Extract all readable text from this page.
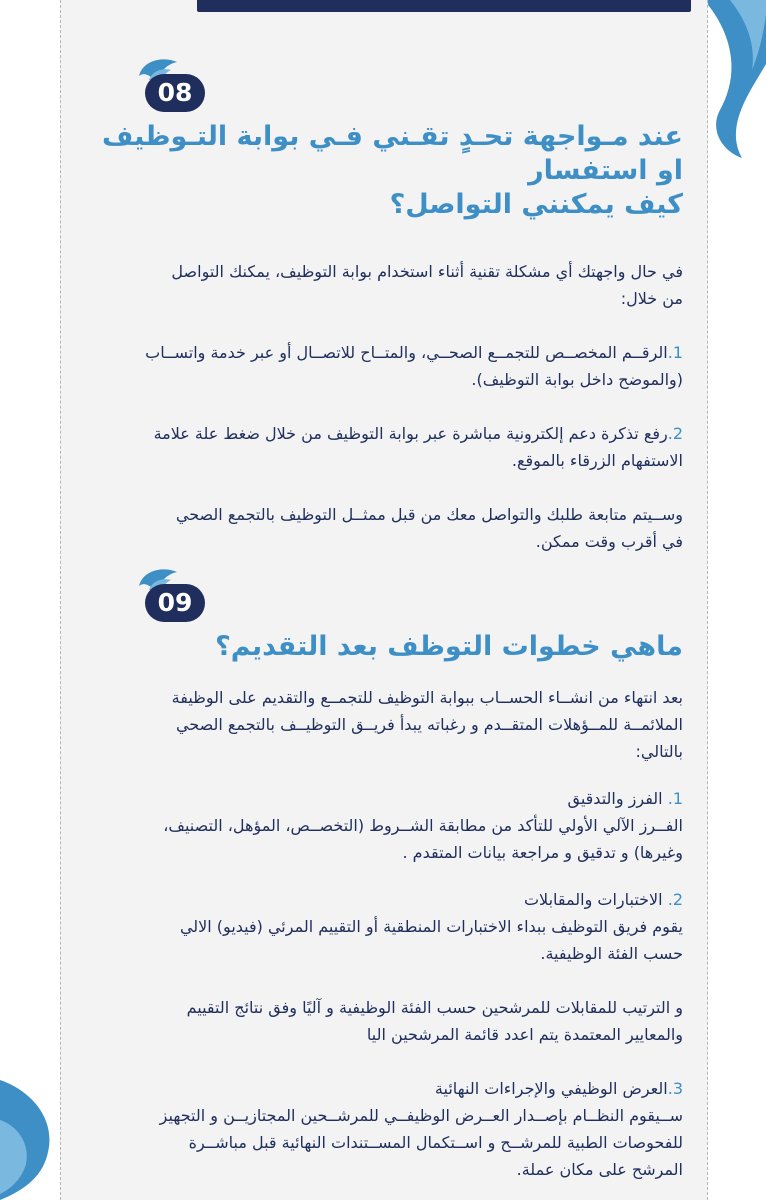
08

عند مـواجهة تحـدٍ تقـني فـي بوابة التـوظيف او استفسار

كيف يمكنني التواصل؟

في حال واجهتك أي مشكلة تقنية أثناء استخدام بوابة التوظيف، يمكنك التواصل

من خلال:

1.الرقــم المخصــص للتجمــع الصحــي، والمتــاح للاتصــال أو عبر خدمة واتســاب

(والموضح داخل بوابة التوظيف).

2.رفع تذكرة دعم إلكترونية مباشرة عبر بوابة التوظيف من خلال ضغط علة علامة

الاستفهام الزرقاء بالموقع.

وســيتم متابعة طلبك والتواصل معك من قبل ممثــل التوظيف بالتجمع الصحي

في أقرب وقت ممكن.

09

ماهي خطوات التوظف بعد التقديم؟

بعد انتهاء من انشــاء الحســاب ببوابة التوظيف للتجمــع والتقديم على الوظيفة

الملائمــة للمــؤهلات المتقــدم و رغباته يبدأ فريــق التوظيــف بالتجمع الصحي

بالتالي:

1. الفرز والتدقيق

الفــرز الآلي الأولي للتأكد من مطابقة الشــروط (التخصــص، المؤهل، التصنيف،

وغيرها) و تدقيق و مراجعة بيانات المتقدم .

2. الاختبارات والمقابلات

يقوم فريق التوظيف ببداء الاختبارات المنطقية أو التقييم المرئي (فيديو) الالي

حسب الفئة الوظيفية.

و الترتيب للمقابلات للمرشحين حسب الفئة الوظيفية و آليًا وفق نتائج التقييم

والمعايير المعتمدة يتم اعدد قائمة المرشحين اليا

3.العرض الوظيفي والإجراءات النهائية

ســيقوم النظــام بإصــدار العــرض الوظيفــي للمرشــحين المجتازيــن و التجهيز

للفحوصات الطبية للمرشــح و اســتكمال المســتندات النهائية قبل مباشــرة

المرشح على مكان عملة.
